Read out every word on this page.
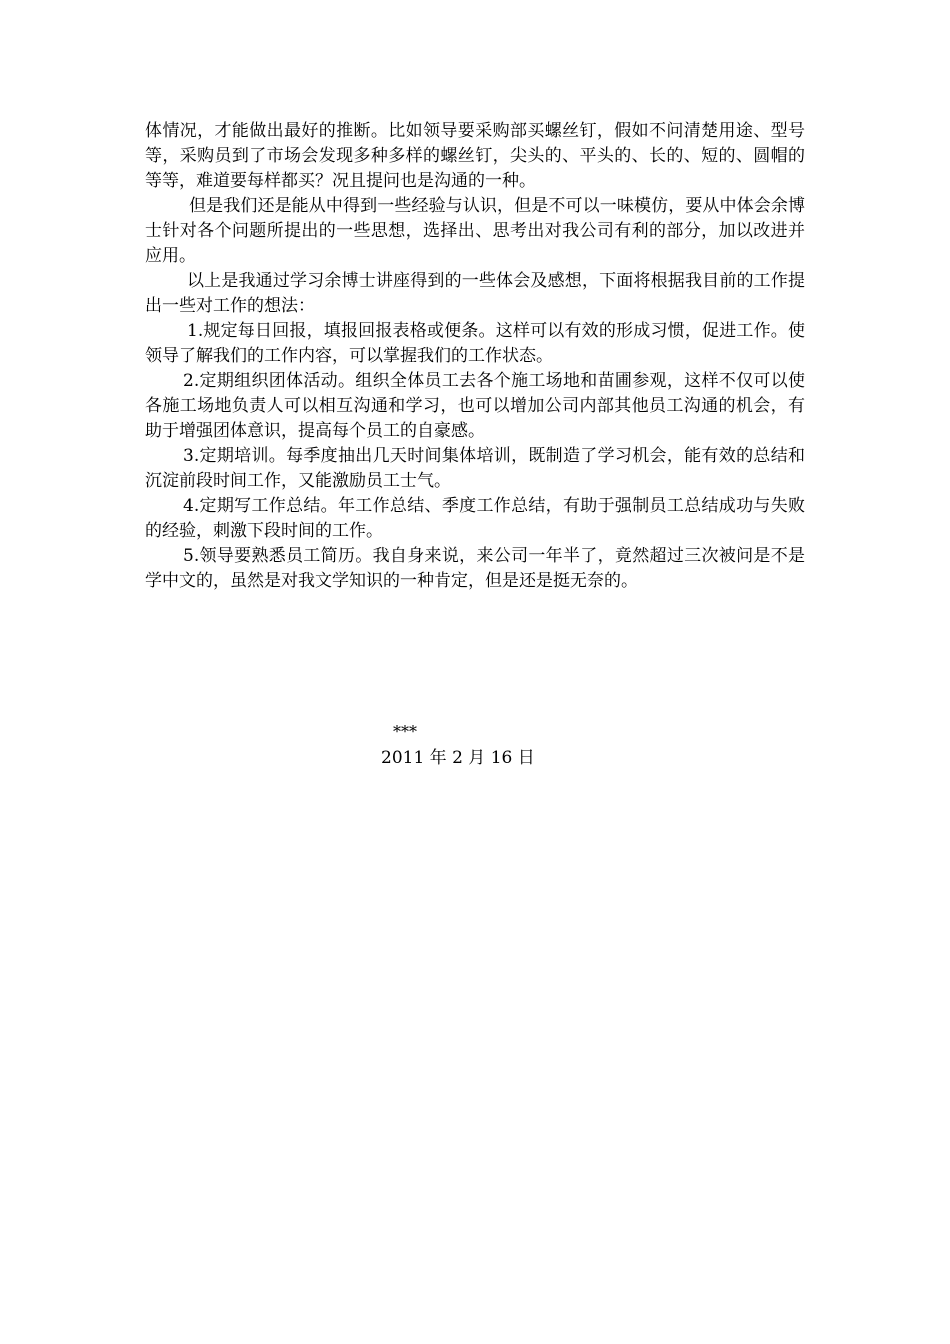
体情况，才能做出最好的推断。比如领导要采购部买螺丝钉，假如不问清楚用途、型号等，采购员到了市场会发现多种多样的螺丝钉，尖头的、平头的、长的、短的、圆帽的等等，难道要每样都买？况且提问也是沟通的一种。

但是我们还是能从中得到一些经验与认识，但是不可以一味模仿，要从中体会余博士针对各个问题所提出的一些思想，选择出、思考出对我公司有利的部分，加以改进并应用。

以上是我通过学习余博士讲座得到的一些体会及感想，下面将根据我目前的工作提出一些对工作的想法：

1.规定每日回报，填报回报表格或便条。这样可以有效的形成习惯，促进工作。使领导了解我们的工作内容，可以掌握我们的工作状态。

2.定期组织团体活动。组织全体员工去各个施工场地和苗圃参观，这样不仅可以使各施工场地负责人可以相互沟通和学习，也可以增加公司内部其他员工沟通的机会，有助于增强团体意识，提高每个员工的自豪感。

3.定期培训。每季度抽出几天时间集体培训，既制造了学习机会，能有效的总结和沉淀前段时间工作，又能激励员工士气。

4.定期写工作总结。年工作总结、季度工作总结，有助于强制员工总结成功与失败的经验，刺激下段时间的工作。

5.领导要熟悉员工简历。我自身来说，来公司一年半了，竟然超过三次被问是不是学中文的，虽然是对我文学知识的一种肯定，但是还是挺无奈的。

***
2011 年 2 月 16 日
